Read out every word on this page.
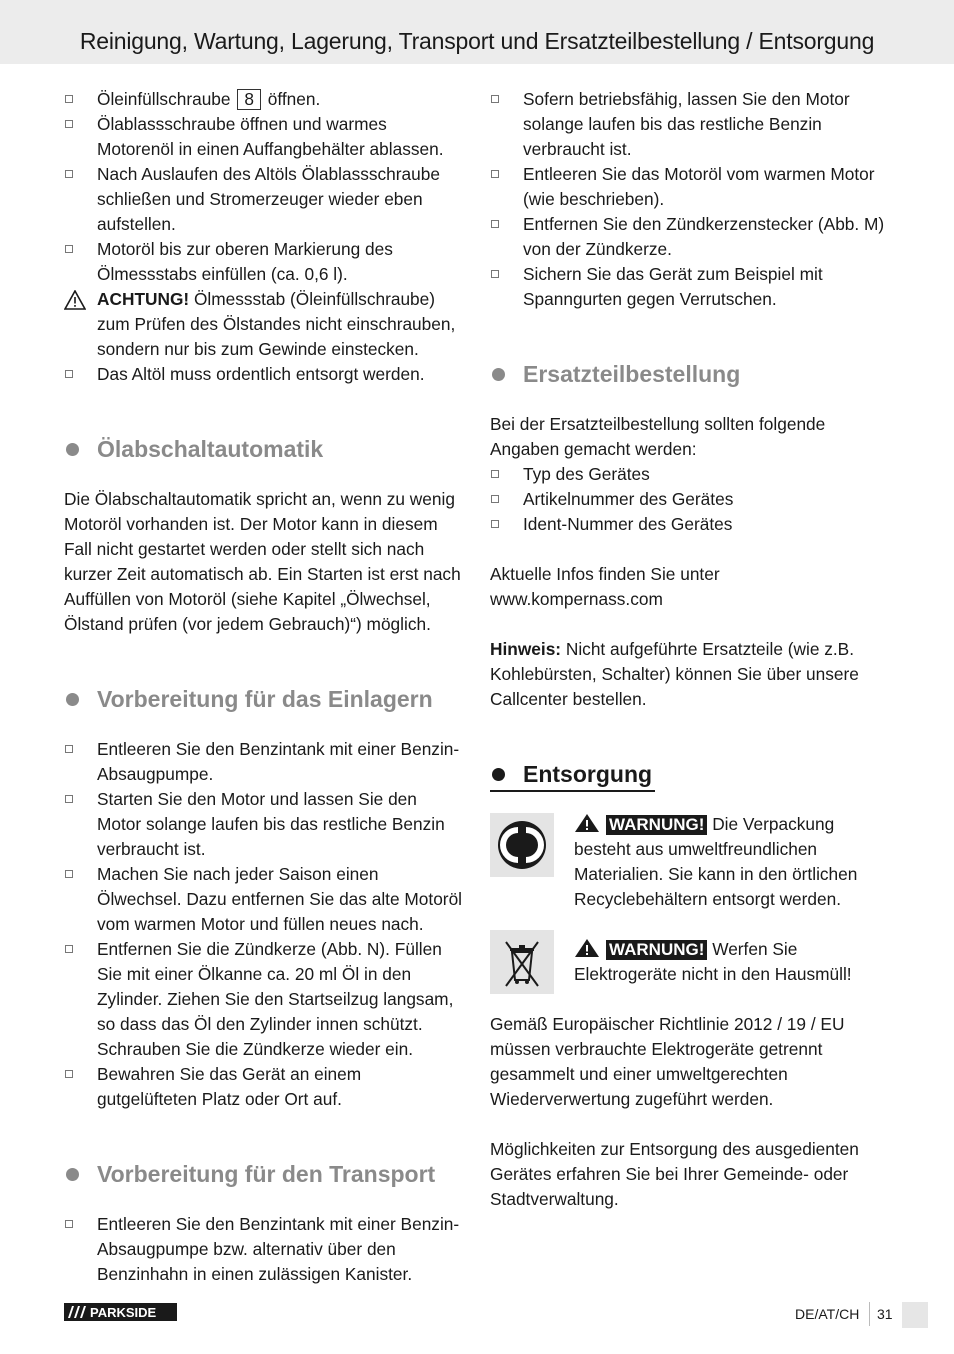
Reinigung, Wartung, Lagerung, Transport und Ersatzteilbestellung / Entsorgung
Öleinfüllschraube 8 öffnen.
Ölablassschraube öffnen und warmes Motorenöl in einen Auffangbehälter ablassen.
Nach Auslaufen des Altöls Ölablassschraube schließen und Stromerzeuger wieder eben aufstellen.
Motoröl bis zur oberen Markierung des Ölmessstabs einfüllen (ca. 0,6 l).
ACHTUNG! Ölmessstab (Öleinfüllschraube) zum Prüfen des Ölstandes nicht einschrauben, sondern nur bis zum Gewinde einstecken.
Das Altöl muss ordentlich entsorgt werden.
Ölabschaltautomatik

Die Ölabschaltautomatik spricht an, wenn zu wenig Motoröl vorhanden ist. Der Motor kann in diesem Fall nicht gestartet werden oder stellt sich nach kurzer Zeit automatisch ab. Ein Starten ist erst nach Auffüllen von Motoröl (siehe Kapitel „Ölwechsel, Ölstand prüfen (vor jedem Gebrauch)“) möglich.

Vorbereitung für das Einlagern
Entleeren Sie den Benzintank mit einer Benzin-Absaugpumpe.
Starten Sie den Motor und lassen Sie den Motor solange laufen bis das restliche Benzin verbraucht ist.
Machen Sie nach jeder Saison einen Ölwechsel. Dazu entfernen Sie das alte Motoröl vom warmen Motor und füllen neues nach.
Entfernen Sie die Zündkerze (Abb. N). Füllen Sie mit einer Ölkanne ca. 20 ml Öl in den Zylinder. Ziehen Sie den Startseilzug langsam, so dass das Öl den Zylinder innen schützt. Schrauben Sie die Zündkerze wieder ein.
Bewahren Sie das Gerät an einem gutgelüfteten Platz oder Ort auf.
Vorbereitung für den Transport
Entleeren Sie den Benzintank mit einer Benzin-Absaugpumpe bzw. alternativ über den Benzinhahn in einen zulässigen Kanister.
Sofern betriebsfähig, lassen Sie den Motor solange laufen bis das restliche Benzin verbraucht ist.
Entleeren Sie das Motoröl vom warmen Motor (wie beschrieben).
Entfernen Sie den Zündkerzenstecker (Abb. M) von der Zündkerze.
Sichern Sie das Gerät zum Beispiel mit Spanngurten gegen Verrutschen.
Ersatzteilbestellung

Bei der Ersatzteilbestellung sollten folgende Angaben gemacht werden:

Typ des Gerätes
Artikelnummer des Gerätes
Ident-Nummer des Gerätes

Aktuelle Infos finden Sie unter

www.kompernass.com

Hinweis: Nicht aufgeführte Ersatzteile (wie z.B. Kohlebürsten, Schalter) können Sie über unsere Callcenter bestellen.

Entsorgung

WARNUNG! Die Verpackung besteht aus umweltfreundlichen Materialien. Sie kann in den örtlichen Recyclebehältern entsorgt werden.

WARNUNG! Werfen Sie Elektrogeräte nicht in den Hausmüll!

Gemäß Europäischer Richtlinie 2012 / 19 / EU müssen verbrauchte Elektrogeräte getrennt gesammelt und einer umweltgerechten Wiederverwertung zugeführt werden.

Möglichkeiten zur Entsorgung des ausgedienten Gerätes erfahren Sie bei Ihrer Gemeinde- oder Stadtverwaltung.

PARKSIDE	DE/AT/CH 31
